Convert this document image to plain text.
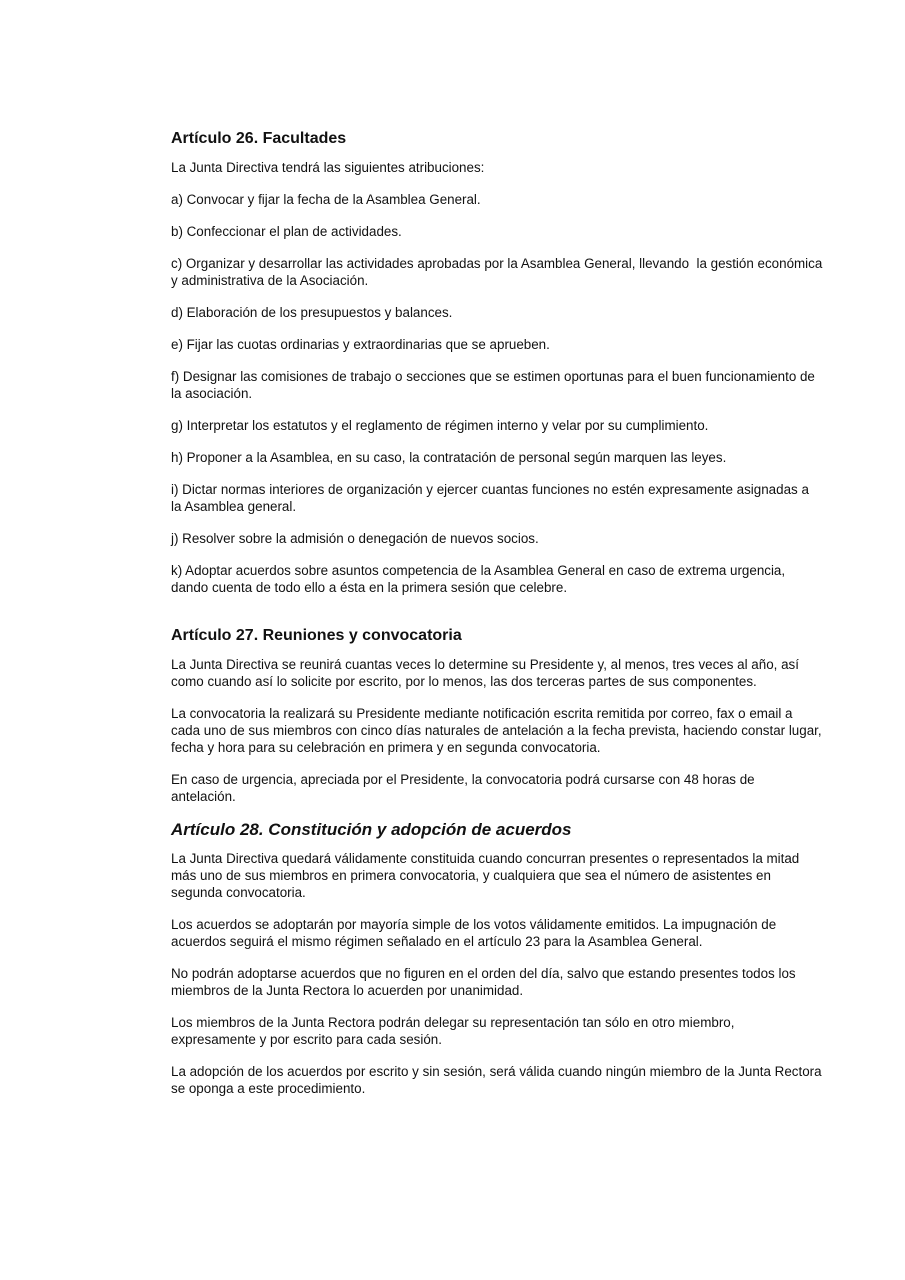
Artículo 26. Facultades

La Junta Directiva tendrá las siguientes atribuciones:

a) Convocar y fijar la fecha de la Asamblea General.

b) Confeccionar el plan de actividades.

c) Organizar y desarrollar las actividades aprobadas por la Asamblea General, llevando  la gestión económica y administrativa de la Asociación.

d) Elaboración de los presupuestos y balances.

e) Fijar las cuotas ordinarias y extraordinarias que se aprueben.

f) Designar las comisiones de trabajo o secciones que se estimen oportunas para el buen funcionamiento de la asociación.

g) Interpretar los estatutos y el reglamento de régimen interno y velar por su cumplimiento.

h) Proponer a la Asamblea, en su caso, la contratación de personal según marquen las leyes.

i) Dictar normas interiores de organización y ejercer cuantas funciones no estén expresamente asignadas a la Asamblea general.

j) Resolver sobre la admisión o denegación de nuevos socios.

k) Adoptar acuerdos sobre asuntos competencia de la Asamblea General en caso de extrema urgencia, dando cuenta de todo ello a ésta en la primera sesión que celebre.

Artículo 27. Reuniones y convocatoria

La Junta Directiva se reunirá cuantas veces lo determine su Presidente y, al menos, tres veces al año, así como cuando así lo solicite por escrito, por lo menos, las dos terceras partes de sus componentes.

La convocatoria la realizará su Presidente mediante notificación escrita remitida por correo, fax o email a cada uno de sus miembros con cinco días naturales de antelación a la fecha prevista, haciendo constar lugar, fecha y hora para su celebración en primera y en segunda convocatoria.

En caso de urgencia, apreciada por el Presidente, la convocatoria podrá cursarse con 48 horas de antelación.

Artículo 28. Constitución y adopción de acuerdos

La Junta Directiva quedará válidamente constituida cuando concurran presentes o representados la mitad más uno de sus miembros en primera convocatoria, y cualquiera que sea el número de asistentes en segunda convocatoria.

Los acuerdos se adoptarán por mayoría simple de los votos válidamente emitidos. La impugnación de acuerdos seguirá el mismo régimen señalado en el artículo 23 para la Asamblea General.

No podrán adoptarse acuerdos que no figuren en el orden del día, salvo que estando presentes todos los miembros de la Junta Rectora lo acuerden por unanimidad.

Los miembros de la Junta Rectora podrán delegar su representación tan sólo en otro miembro, expresamente y por escrito para cada sesión.

La adopción de los acuerdos por escrito y sin sesión, será válida cuando ningún miembro de la Junta Rectora se oponga a este procedimiento.
